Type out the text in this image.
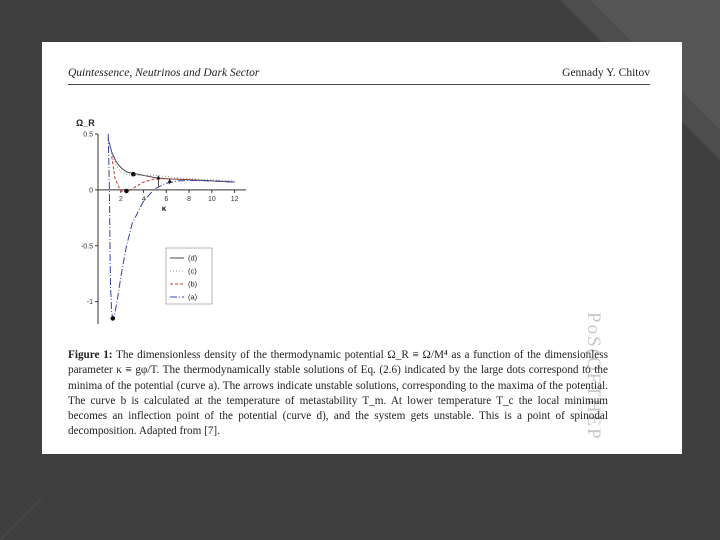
Quintessence, Neutrinos and Dark Sector	Gennady Y. Chitov
2	4	6	8 10 12
0.5
0
-0.5
-1
Ω_R
κ
(d)
(c)
(b)
(a)
PoS(QFTHEP
Figure 1: The dimensionless density of the thermodynamic potential Ω_R ≡ Ω/M⁴ as a function of the dimensionless parameter κ ≡ gφ/T. The thermodynamically stable solutions of Eq. (2.6) indicated by the large dots correspond to the minima of the potential (curve a). The arrows indicate unstable solutions, corresponding to the maxima of the potential. The curve b is calculated at the temperature of metastability T_m. At lower temperature T_c the local minimum becomes an inflection point of the potential (curve d), and the system gets unstable. This is a point of spinodal decomposition. Adapted from [7].
